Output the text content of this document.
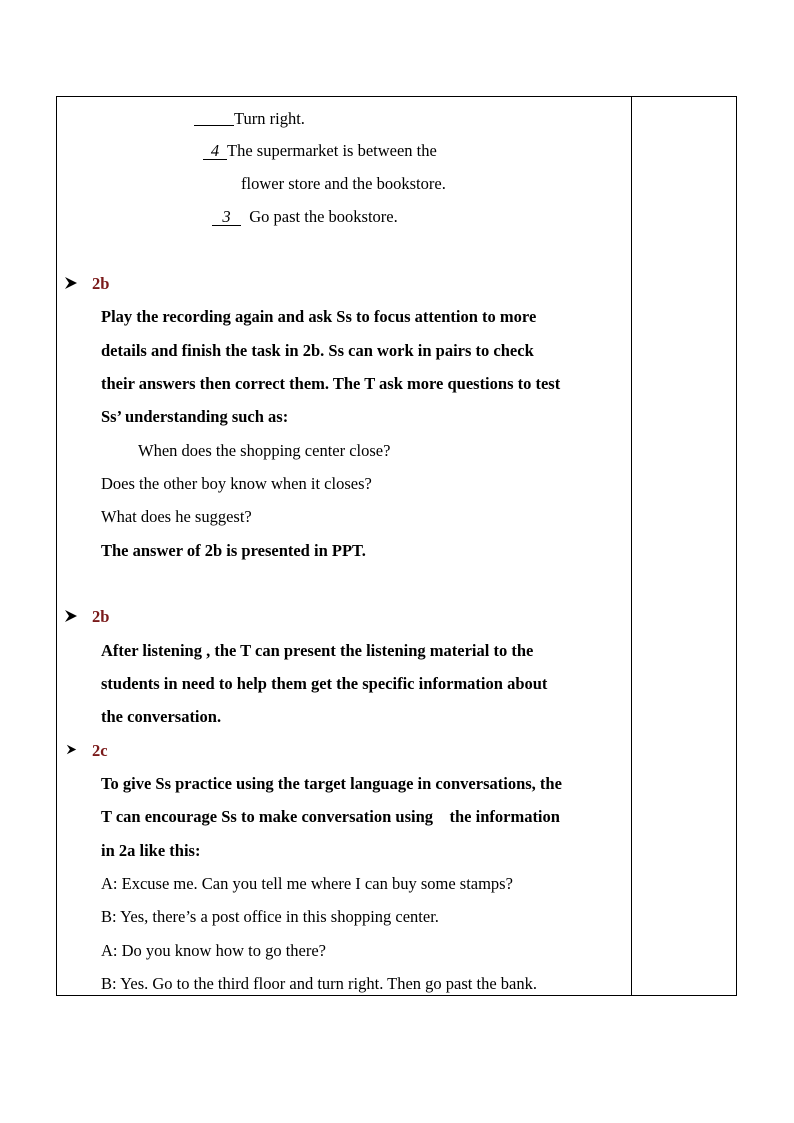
Turn right.
4 The supermarket is between the
flower store and the bookstore.
3 Go past the bookstore.
2b
Play the recording again and ask Ss to focus attention to more
details and finish the task in 2b. Ss can work in pairs to check
their answers then correct them. The T ask more questions to test
Ss’ understanding such as:
When does the shopping center close?
Does the other boy know when it closes?
What does he suggest?
The answer of 2b is presented in PPT.
2b
After listening , the T can present the listening material to the
students in need to help them get the specific information about
the conversation.
2c
To give Ss practice using the target language in conversations, the
T can encourage Ss to make conversation using    the information
in 2a like this:
A: Excuse me. Can you tell me where I can buy some stamps?
B: Yes, there’s a post office in this shopping center.
A: Do you know how to go there?
B: Yes. Go to the third floor and turn right. Then go past the bank.
